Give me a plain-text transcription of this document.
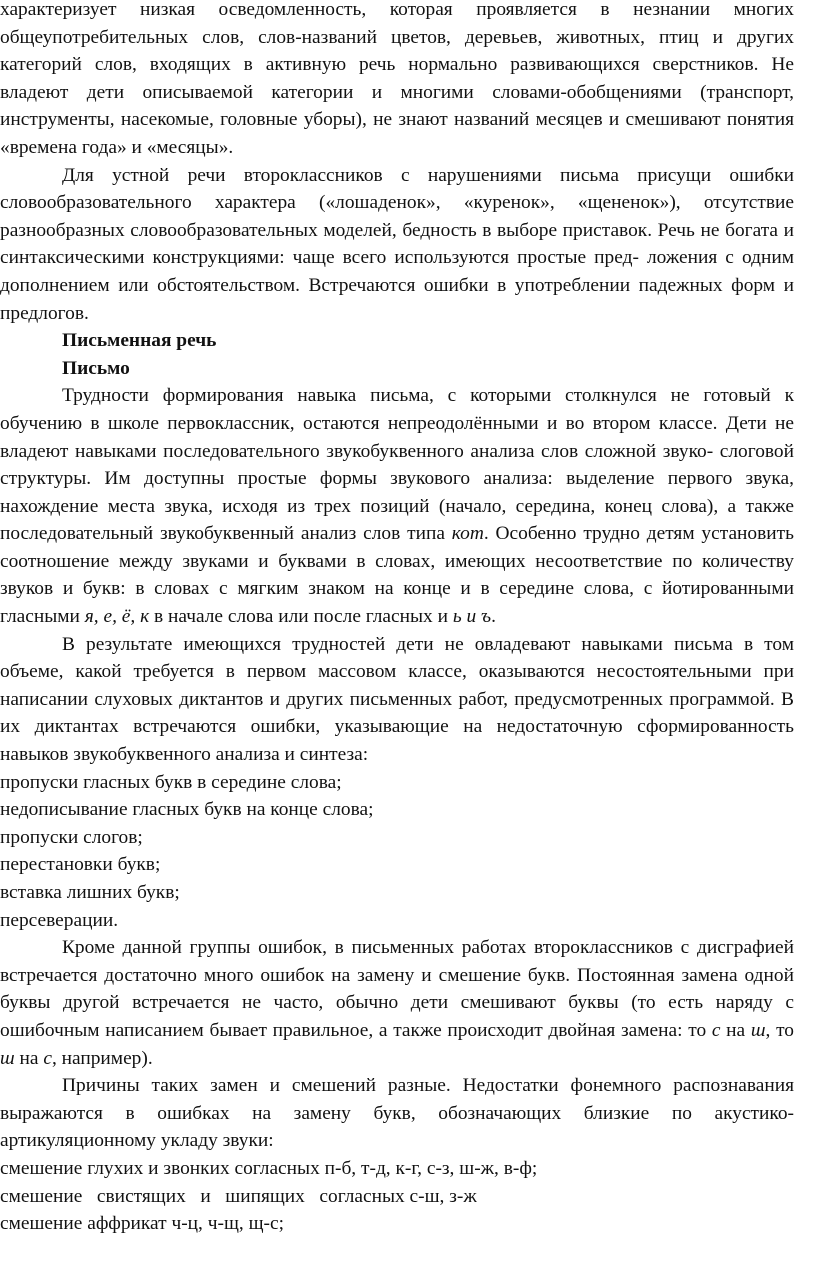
характеризует низкая осведомленность, которая проявляется в незнании многих общеупотребительных слов, слов-названий цветов, деревьев, животных, птиц и других категорий слов, входящих в активную речь нормально развивающихся сверстников. Не владеют дети описываемой категории и многими словами-обобщениями (транспорт, инструменты, насекомые, головные уборы), не знают названий месяцев и смешивают понятия «времена года» и «месяцы».

Для устной речи второклассников с нарушениями письма присущи ошибки словообразовательного характера («лошаденок», «куренок», «щененок»), отсутствие разнообразных словообразовательных моделей, бедность в выборе приставок. Речь не богата и синтаксическими конструкциями: чаще всего используются простые пред- ложения с одним дополнением или обстоятельством. Встречаются ошибки в употреблении падежных форм и предлогов.

Письменная речь

Письмо

Трудности формирования навыка письма, с которыми столкнулся не готовый к обучению в школе первоклассник, остаются непреодолёнными и во втором классе. Дети не владеют навыками последовательного звукобуквенного анализа слов сложной звуко- слоговой структуры. Им доступны простые формы звукового анализа: выделение первого звука, нахождение места звука, исходя из трех позиций (начало, середина, конец слова), а также последовательный звукобуквенный анализ слов типа кот. Особенно трудно детям установить соотношение между звуками и буквами в словах, имеющих несоответствие по количеству звуков и букв: в словах с мягким знаком на конце и в середине слова, с йотированными гласными я, е, ё, к в начале слова или после гласных и ь и ъ.

В результате имеющихся трудностей дети не овладевают навыками письма в том объеме, какой требуется в первом массовом классе, оказываются несостоятельными при написании слуховых диктантов и других письменных работ, предусмотренных программой. В их диктантах встречаются ошибки, указывающие на недостаточную сформированность навыков звукобуквенного анализа и синтеза:

пропуски гласных букв в середине слова;
недописывание гласных букв на конце слова;
пропуски слогов;
перестановки букв;
вставка лишних букв;
персеверации.

Кроме данной группы ошибок, в письменных работах второклассников с дисграфией встречается достаточно много ошибок на замену и смешение букв. Постоянная замена одной буквы другой встречается не часто, обычно дети смешивают буквы (то есть наряду с ошибочным написанием бывает правильное, а также происходит двойная замена: то с на ш, то ш на с, например).

Причины таких замен и смешений разные. Недостатки фонемного распознавания выражаются в ошибках на замену букв, обозначающих близкие по акустико- артикуляционному укладу звуки:

смешение глухих и звонких согласных п-б, т-д, к-г, с-з, ш-ж, в-ф;
смешение   свистящих   и   шипящих   согласных с-ш, з-ж
смешение аффрикат ч-ц, ч-щ, щ-с;
